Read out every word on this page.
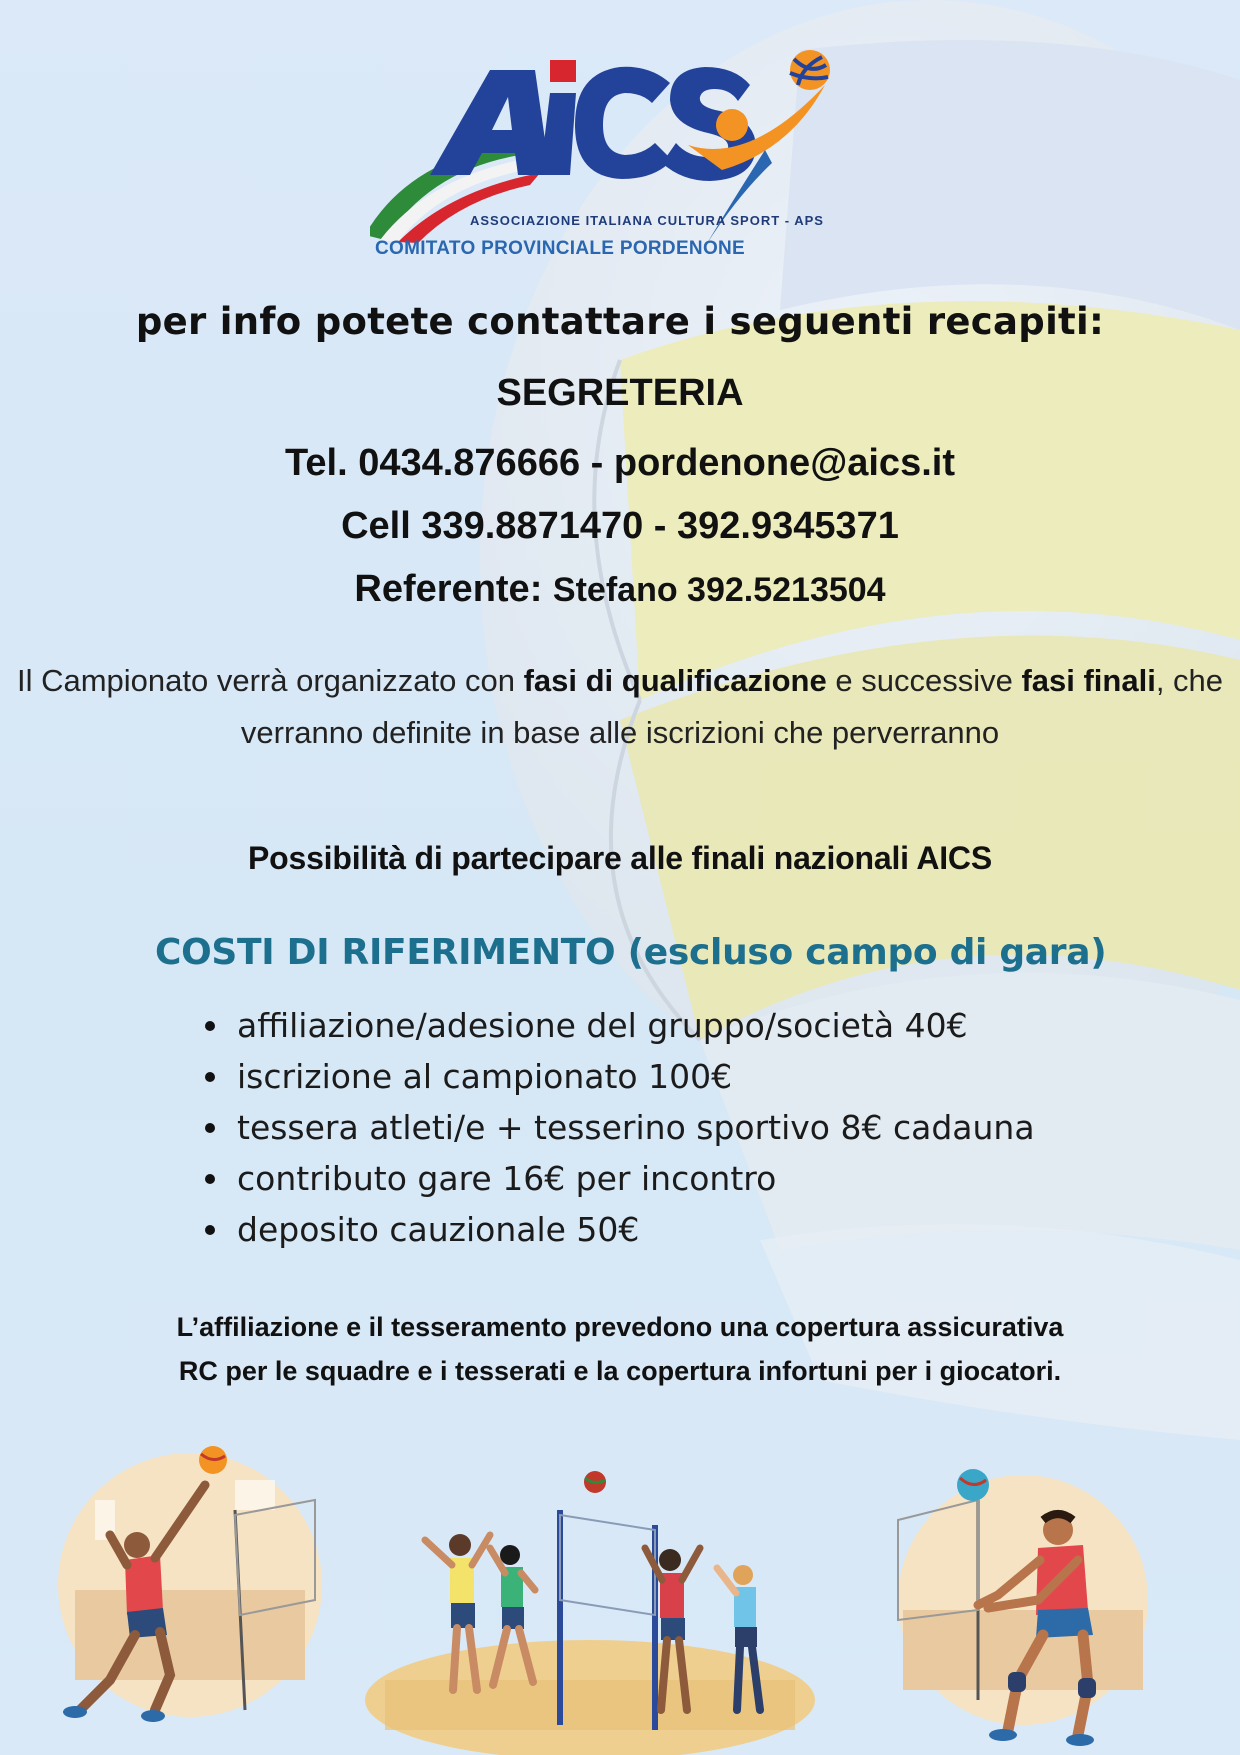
ASSOCIAZIONE ITALIANA CULTURA SPORT - APS
COMITATO PROVINCIALE PORDENONE
per info potete contattare i seguenti recapiti:
SEGRETERIA
Tel. 0434.876666 - pordenone@aics.it
Cell 339.8871470 - 392.9345371
Referente: Stefano 392.5213504
Il Campionato verrà organizzato con fasi di qualificazione e successive fasi finali, che verranno definite in base alle iscrizioni che perverranno
Possibilità di partecipare alle finali nazionali AICS
COSTI DI RIFERIMENTO (escluso campo di gara)
affiliazione/adesione del gruppo/società 40€
iscrizione al campionato 100€
tessera atleti/e + tesserino sportivo 8€ cadauna
contributo gare 16€ per incontro
deposito cauzionale 50€
L’affiliazione e il tesseramento prevedono una copertura assicurativa
RC per le squadre e i tesserati e la copertura infortuni per i giocatori.
